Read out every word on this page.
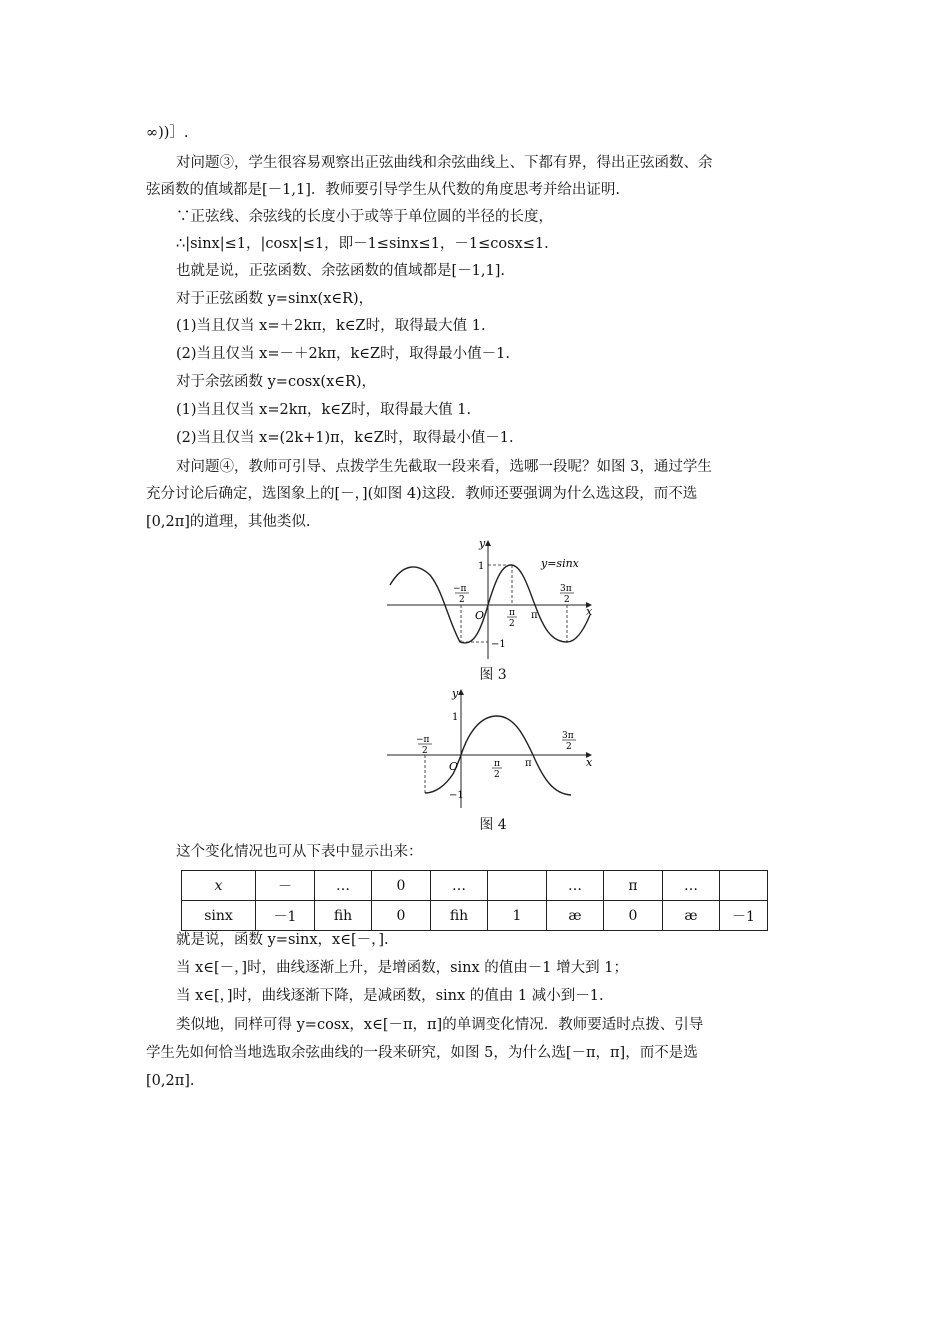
∞))］.
对问题③，学生很容易观察出正弦曲线和余弦曲线上、下都有界，得出正弦函数、余
弦函数的值域都是[－1,1]．教师要引导学生从代数的角度思考并给出证明.
∵正弦线、余弦线的长度小于或等于单位圆的半径的长度，
∴|sinx|≤1，|cosx|≤1，即－1≤sinx≤1，－1≤cosx≤1.
也就是说，正弦函数、余弦函数的值域都是[－1,1].
对于正弦函数 y=sinx(x∈R)，
(1)当且仅当 x=＋2kπ，k∈Z时，取得最大值 1.
(2)当且仅当 x=－＋2kπ，k∈Z时，取得最小值－1.
对于余弦函数 y=cosx(x∈R)，
(1)当且仅当 x=2kπ，k∈Z时，取得最大值 1.
(2)当且仅当 x=(2k+1)π，k∈Z时，取得最小值－1.
对问题④，教师可引导、点拨学生先截取一段来看，选哪一段呢？如图 3，通过学生
充分讨论后确定，选图象上的[－，](如图 4)这段．教师还要强调为什么选这段，而不选
[0,2π]的道理，其他类似.
y
x
O
1
−1
y=sinx
π
−π
2
π
2
3π
2
图 3
y
x
O
1
−1
π
−π
2
π
2
3π
2
图 4
这个变化情况也可从下表中显示出来：
x	－	…	0	…		…	π	…	
sinx	－1	ﬁh	0	ﬁh	1	æ	0	æ	－1
就是说，函数 y=sinx，x∈[－，].
当 x∈[－，]时，曲线逐渐上升，是增函数，sinx 的值由－1 增大到 1；
当 x∈[，]时，曲线逐渐下降，是减函数，sinx 的值由 1 减小到－1.
类似地，同样可得 y=cosx，x∈[－π，π]的单调变化情况．教师要适时点拨、引导
学生先如何恰当地选取余弦曲线的一段来研究，如图 5，为什么选[－π，π]，而不是选
[0,2π].
